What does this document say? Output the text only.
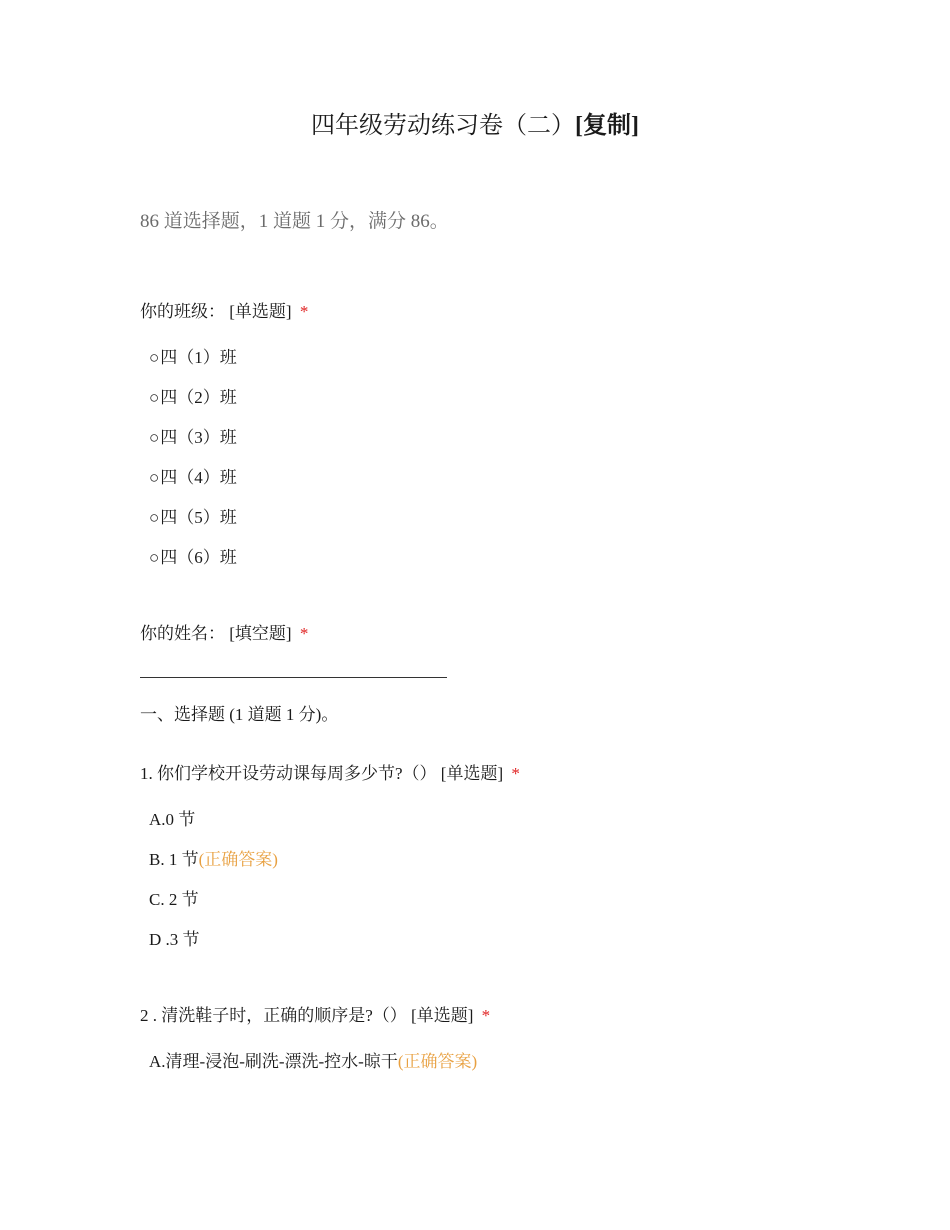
四年级劳动练习卷（二）[复制]
86 道选择题，1 道题 1 分，满分 86。
你的班级： [单选题] *
○四（1）班
○四（2）班
○四（3）班
○四（4）班
○四（5）班
○四（6）班
你的姓名： [填空题] *
一、选择题 (1 道题 1 分)。
1. 你们学校开设劳动课每周多少节?（） [单选题] *
A.0 节
B. 1 节(正确答案)
C. 2 节
D .3 节
2 . 清洗鞋子时，正确的顺序是?（） [单选题] *
A.清理-浸泡-刷洗-漂洗-控水-晾干(正确答案)
